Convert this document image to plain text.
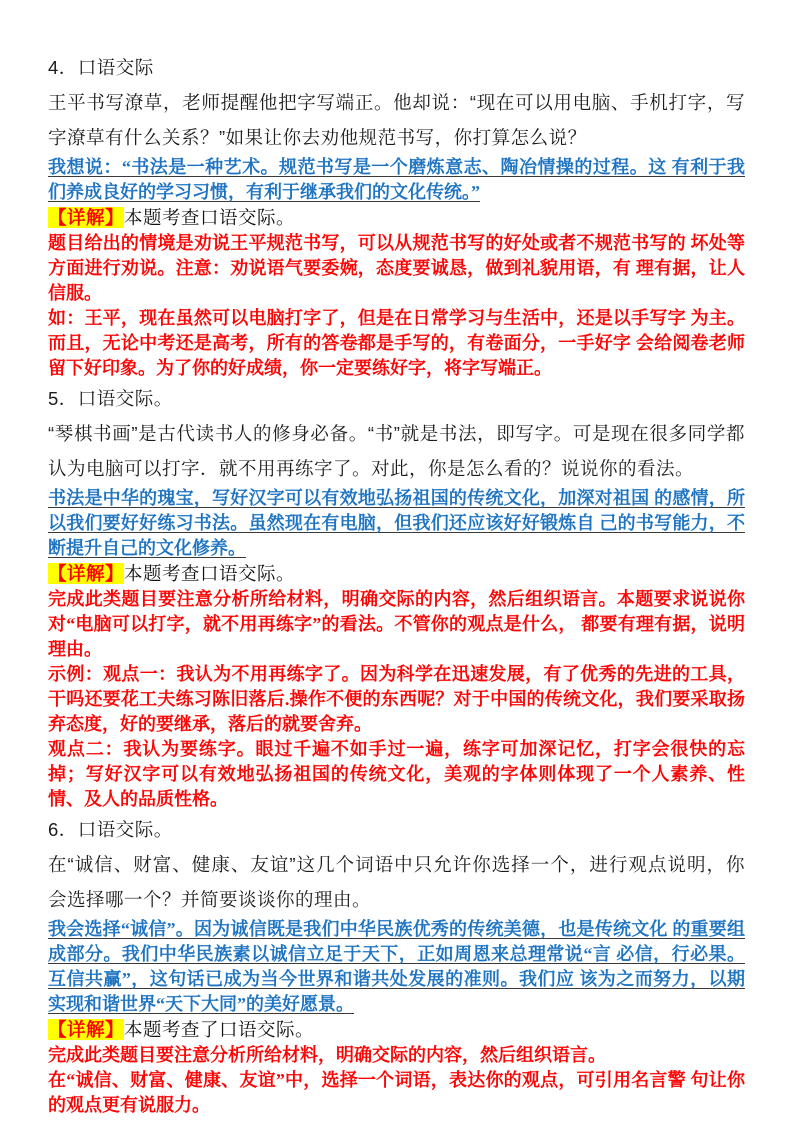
4．口语交际

王平书写潦草，老师提醒他把字写端正。他却说：“现在可以用电脑、手机打字，写字潦草有什么关系？”如果让你去劝他规范书写，你打算怎么说？

我想说：“书法是一种艺术。规范书写是一个磨炼意志、陶冶情操的过程。这 有利于我们养成良好的学习习惯，有利于继承我们的文化传统。”

【详解】本题考查口语交际。

题目给出的情境是劝说王平规范书写，可以从规范书写的好处或者不规范书写的 坏处等方面进行劝说。注意：劝说语气要委婉，态度要诚恳，做到礼貌用语，有 理有据，让人信服。

如：王平，现在虽然可以电脑打字了，但是在日常学习与生活中，还是以手写字 为主。而且，无论中考还是高考，所有的答卷都是手写的，有卷面分，一手好字 会给阅卷老师留下好印象。为了你的好成绩，你一定要练好字，将字写端正。

5．口语交际。

“琴棋书画”是古代读书人的修身必备。“书”就是书法，即写字。可是现在很多同学都认为电脑可以打字．就不用再练字了。对此，你是怎么看的？说说你的看法。

书法是中华的瑰宝，写好汉字可以有效地弘扬祖国的传统文化，加深对祖国 的感情，所以我们要好好练习书法。虽然现在有电脑，但我们还应该好好锻炼自 己的书写能力，不断提升自己的文化修养。

【详解】本题考查口语交际。

完成此类题目要注意分析所给材料，明确交际的内容，然后组织语言。本题要求说说你对“电脑可以打字，就不用再练字”的看法。不管你的观点是什么， 都要有理有据，说明理由。

示例：观点一：我认为不用再练字了。因为科学在迅速发展，有了优秀的先进的工具，干吗还要花工夫练习陈旧落后.操作不便的东西呢？对于中国的传统文化，我们要采取扬弃态度，好的要继承，落后的就要舍弃。

观点二：我认为要练字。眼过千遍不如手过一遍，练字可加深记忆，打字会很快的忘掉；写好汉字可以有效地弘扬祖国的传统文化，美观的字体则体现了一个人素养、性情、及人的品质性格。

6．口语交际。

在“诚信、财富、健康、友谊”这几个词语中只允许你选择一个，进行观点说明，你 会选择哪一个？并简要谈谈你的理由。

我会选择“诚信”。因为诚信既是我们中华民族优秀的传统美德，也是传统文化 的重要组成部分。我们中华民族素以诚信立足于天下，正如周恩来总理常说“言 必信，行必果。互信共赢”，这句话已成为当今世界和谐共处发展的准则。我们应 该为之而努力，以期实现和谐世界“天下大同”的美好愿景。

【详解】本题考查了口语交际。

完成此类题目要注意分析所给材料，明确交际的内容，然后组织语言。

在“诚信、财富、健康、友谊”中，选择一个词语，表达你的观点，可引用名言警 句让你的观点更有说服力。
